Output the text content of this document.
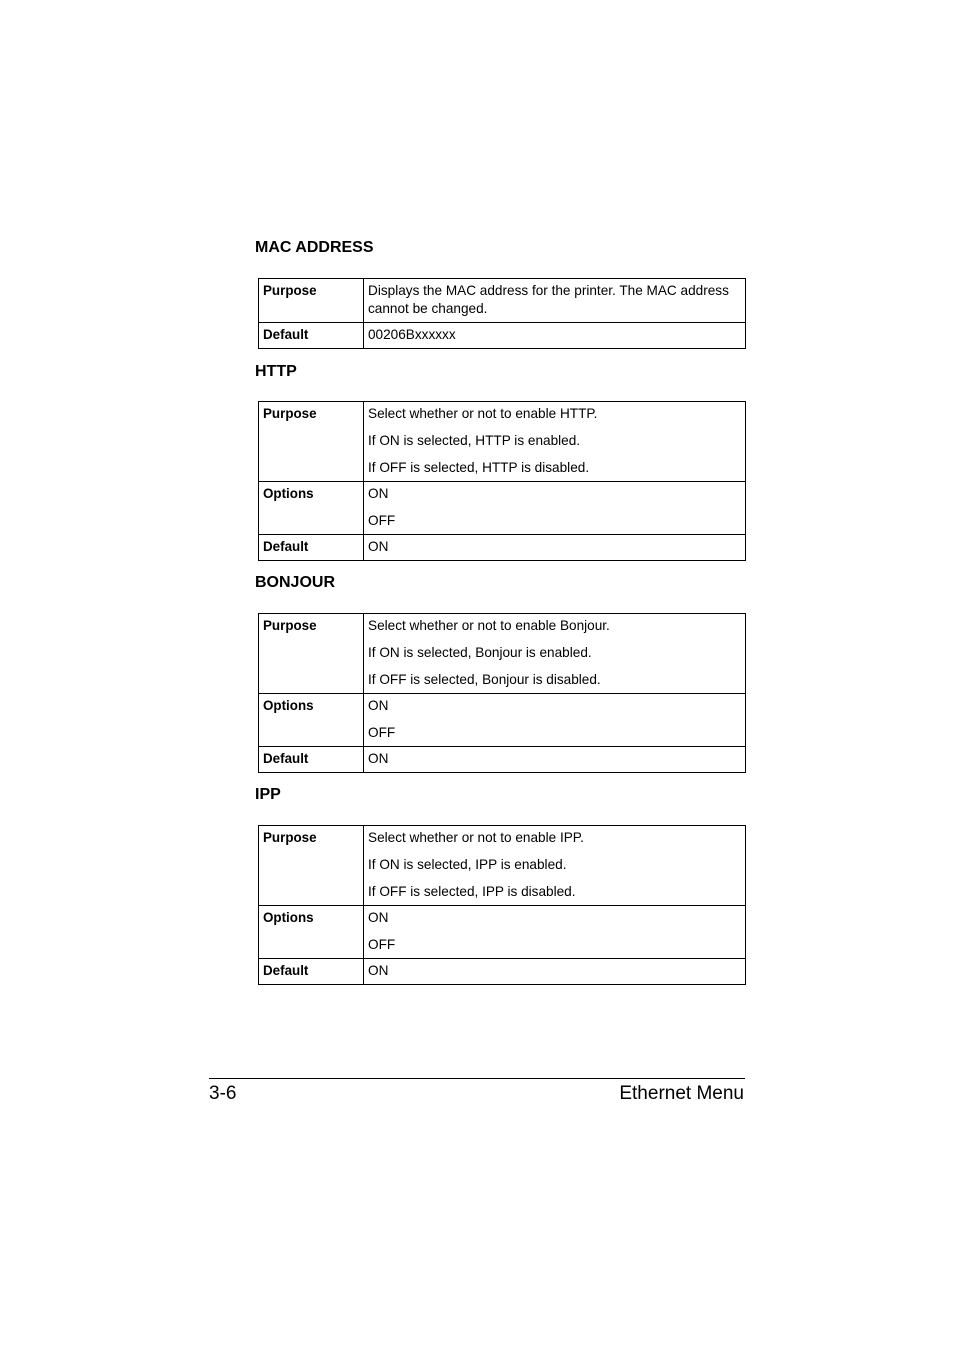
MAC ADDRESS
Purpose	Displays the MAC address for the printer. The MAC address cannot be changed.

Default	00206Bxxxxxx

HTTP
Purpose	Select whether or not to enable HTTP.

If ON is selected, HTTP is enabled.

If OFF is selected, HTTP is disabled.

Options	ON

OFF

Default	ON

BONJOUR
Purpose	Select whether or not to enable Bonjour.

If ON is selected, Bonjour is enabled.

If OFF is selected, Bonjour is disabled.

Options	ON

OFF

Default	ON

IPP
Purpose	Select whether or not to enable IPP.

If ON is selected, IPP is enabled.

If OFF is selected, IPP is disabled.

Options	ON

OFF

Default	ON

3-6	Ethernet Menu
